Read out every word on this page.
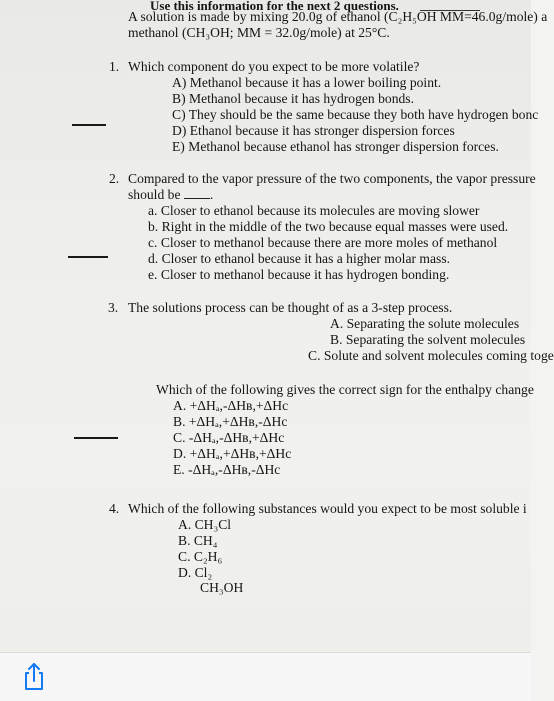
Use this information for the next 2 questions.
A solution is made by mixing 20.0g of ethanol (C₂H₅OH MM=46.0g/mole) a
methanol (CH₃OH; MM = 32.0g/mole) at 25°C.
1. Which component do you expect to be more volatile?
A) Methanol because it has a lower boiling point.
B) Methanol because it has hydrogen bonds.
C) They should be the same because they both have hydrogen bonc
D) Ethanol because it has stronger dispersion forces
E) Methanol because ethanol has stronger dispersion forces.
2. Compared to the vapor pressure of the two components, the vapor pressure
should be .
a. Closer to ethanol because its molecules are moving slower
b. Right in the middle of the two because equal masses were used.
c. Closer to methanol because there are more moles of methanol
d. Closer to ethanol because it has a higher molar mass.
e. Closer to methanol because it has hydrogen bonding.
3. The solutions process can be thought of as a 3-step process.
A. Separating the solute molecules
B. Separating the solvent molecules
C. Solute and solvent molecules coming toge
Which of the following gives the correct sign for the enthalpy change
A. +ΔHₐ,-ΔHʙ,+ΔHc
B. +ΔHₐ,+ΔHʙ,-ΔHc
C. -ΔHₐ,-ΔHʙ,+ΔHc
D. +ΔHₐ,+ΔHʙ,+ΔHc
E. -ΔHₐ,-ΔHʙ,-ΔHc
4. Which of the following substances would you expect to be most soluble i
A. CH₃Cl
B. CH₄
C. C₂H₆
D. Cl₂
CH₃OH
